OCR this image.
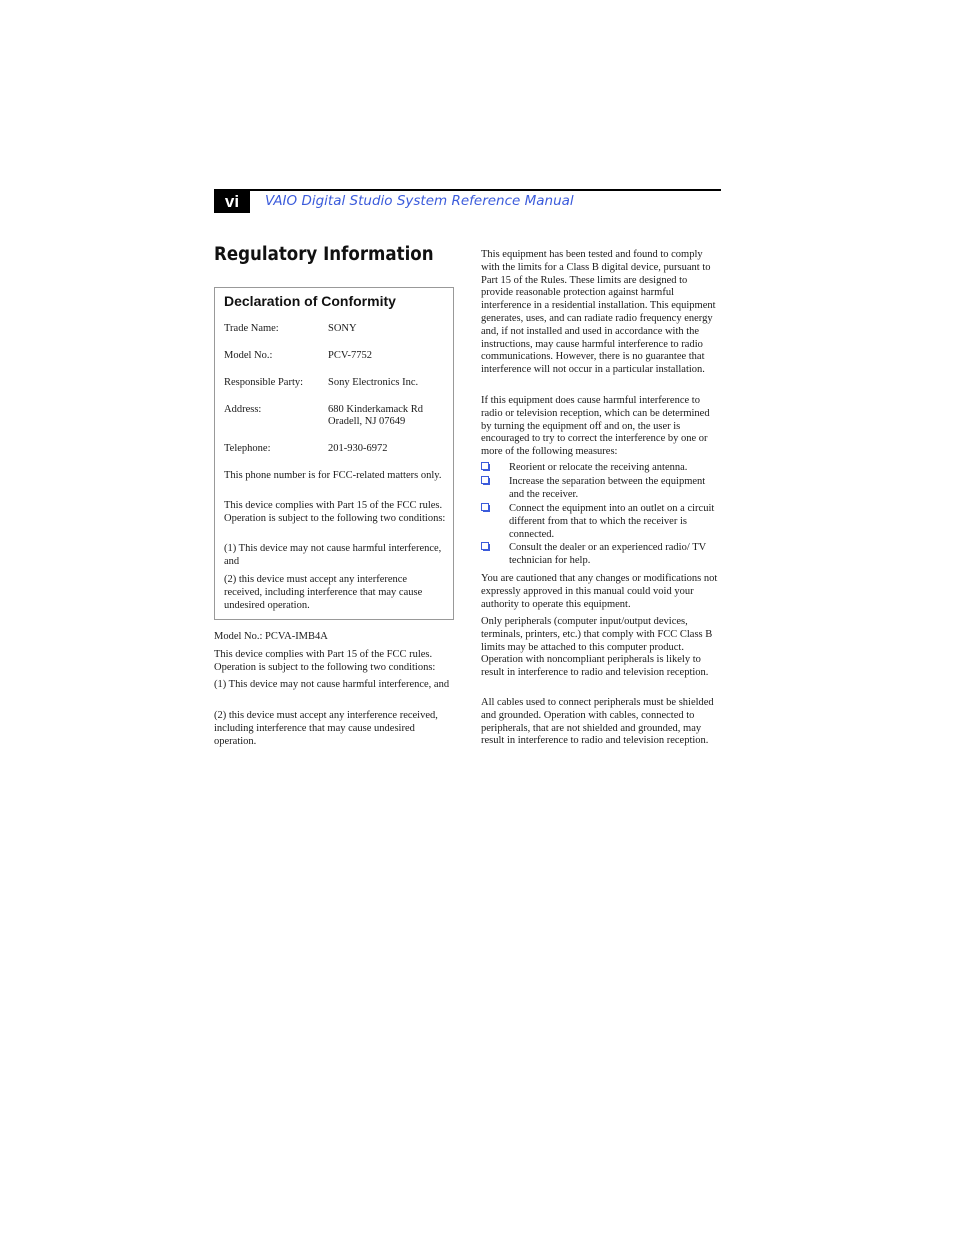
vi	VAIO Digital Studio System Reference Manual
Regulatory Information
Declaration of Conformity
Trade Name:	SONY
Model No.:	PCV-7752
Responsible Party: Sony Electronics Inc.
Address:	680 Kinderkamack Rd
Oradell, NJ 07649
Telephone:	201-930-6972
This phone number is for FCC-related matters only.
This device complies with Part 15 of the FCC rules. Operation is subject to the following two conditions:
(1) This device may not cause harmful interference, and
(2) this device must accept any interference received, including interference that may cause undesired operation.
Model No.: PCVA-IMB4A
This device complies with Part 15 of the FCC rules. Operation is subject to the following two conditions:
(1) This device may not cause harmful interference, and
(2) this device must accept any interference received, including interference that may cause undesired operation.
This equipment has been tested and found to comply with the limits for a Class B digital device, pursuant to Part 15 of the Rules. These limits are designed to provide reasonable protection against harmful interference in a residential installation. This equipment generates, uses, and can radiate radio frequency energy and, if not installed and used in accordance with the instructions, may cause harmful interference to radio communications. However, there is no guarantee that interference will not occur in a particular installation.
If this equipment does cause harmful interference to radio or television reception, which can be determined by turning the equipment off and on, the user is encouraged to try to correct the interference by one or more of the following measures:
Reorient or relocate the receiving antenna.
Increase the separation between the equipment and the receiver.
Connect the equipment into an outlet on a circuit different from that to which the receiver is connected.
Consult the dealer or an experienced radio/ TV technician for help.
You are cautioned that any changes or modifications not expressly approved in this manual could void your authority to operate this equipment.
Only peripherals (computer input/output devices, terminals, printers, etc.) that comply with FCC Class B limits may be attached to this computer product. Operation with noncompliant peripherals is likely to result in interference to radio and television reception.
All cables used to connect peripherals must be shielded and grounded. Operation with cables, connected to peripherals, that are not shielded and grounded, may result in interference to radio and television reception.
